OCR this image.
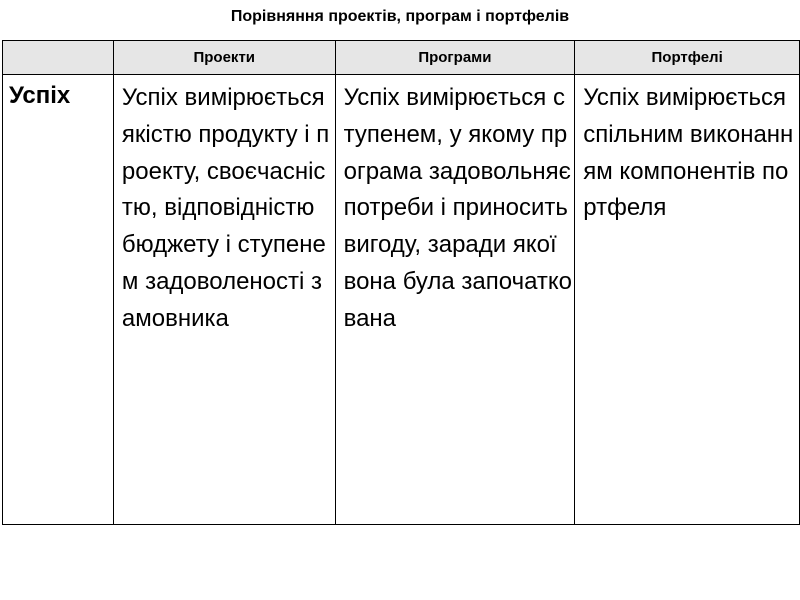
Порівняння проектів, програм і портфелів
	Проекти	Програми	Портфелі
Успіх	Успіх вимірюється якістю продукту і проекту, своєчасністю, відповідністю бюджету і ступенем задоволеності замовника	Успіх вимірюється ступенем, у якому програма задовольняє потреби і приносить вигоду, заради якої вона була започаткована	Успіх вимірюється спільним виконанням компонентів портфеля
